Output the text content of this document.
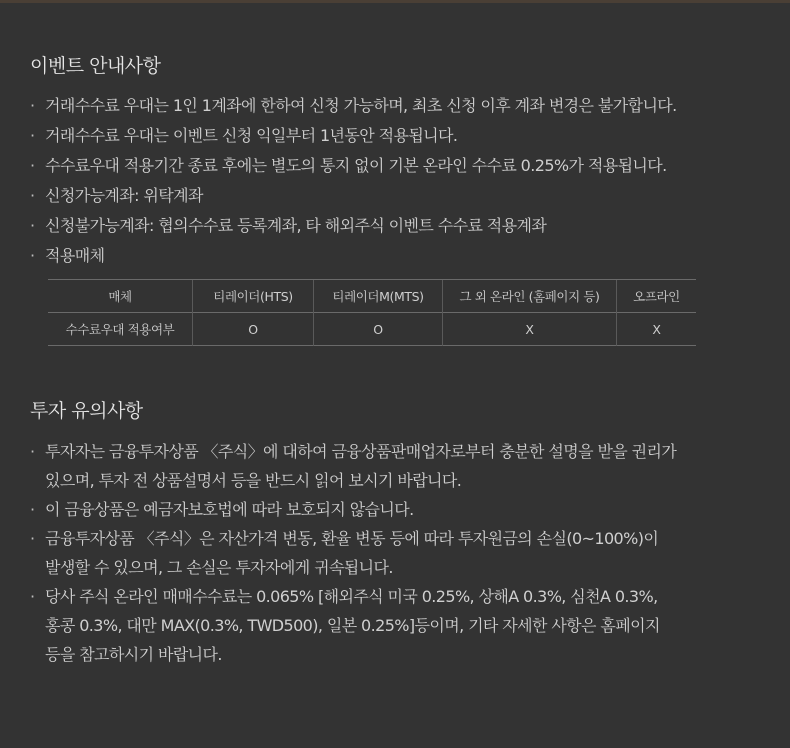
이벤트 안내사항
· 거래수수료 우대는 1인 1계좌에 한하여 신청 가능하며, 최초 신청 이후 계좌 변경은 불가합니다.
· 거래수수료 우대는 이벤트 신청 익일부터 1년동안 적용됩니다.
· 수수료우대 적용기간 종료 후에는 별도의 통지 없이 기본 온라인 수수료 0.25%가 적용됩니다.
· 신청가능계좌: 위탁계좌
· 신청불가능계좌: 협의수수료 등록계좌, 타 해외주식 이벤트 수수료 적용계좌
· 적용매체
매체	티레이더(HTS)	티레이더M(MTS)	그 외 온라인 (홈페이지 등)	오프라인
수수료우대 적용여부	O	O	X	X
투자 유의사항
· 투자자는 금융투자상품 〈주식〉에 대하여 금융상품판매업자로부터 충분한 설명을 받을 권리가
있으며, 투자 전 상품설명서 등을 반드시 읽어 보시기 바랍니다.
· 이 금융상품은 예금자보호법에 따라 보호되지 않습니다.
· 금융투자상품 〈주식〉은 자산가격 변동, 환율 변동 등에 따라 투자원금의 손실(0~100%)이
발생할 수 있으며, 그 손실은 투자자에게 귀속됩니다.
· 당사 주식 온라인 매매수수료는 0.065% [해외주식 미국 0.25%, 상해A 0.3%, 심천A 0.3%,
홍콩 0.3%, 대만 MAX(0.3%, TWD500), 일본 0.25%]등이며, 기타 자세한 사항은 홈페이지
등을 참고하시기 바랍니다.
